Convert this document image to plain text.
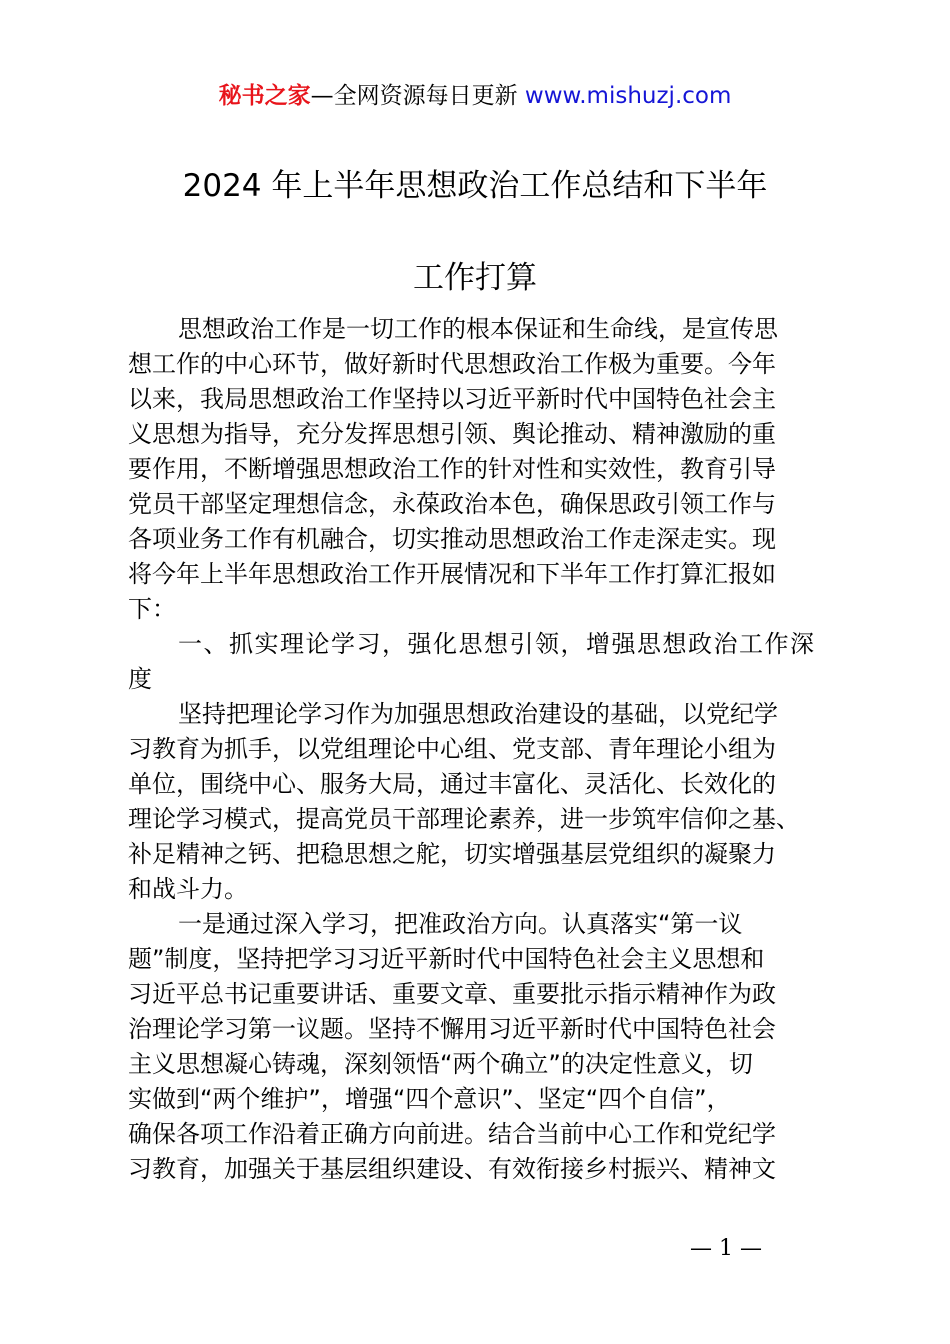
秘书之家—全网资源每日更新 www.mishuzj.com
2024 年上半年思想政治工作总结和下半年
工作打算
思想政治工作是一切工作的根本保证和生命线，是宣传思
想工作的中心环节，做好新时代思想政治工作极为重要。今年
以来，我局思想政治工作坚持以习近平新时代中国特色社会主
义思想为指导，充分发挥思想引领、舆论推动、精神激励的重
要作用，不断增强思想政治工作的针对性和实效性，教育引导
党员干部坚定理想信念，永葆政治本色，确保思政引领工作与
各项业务工作有机融合，切实推动思想政治工作走深走实。现
将今年上半年思想政治工作开展情况和下半年工作打算汇报如
下：
一、抓实理论学习，强化思想引领，增强思想政治工作深
度
坚持把理论学习作为加强思想政治建设的基础，以党纪学
习教育为抓手，以党组理论中心组、党支部、青年理论小组为
单位，围绕中心、服务大局，通过丰富化、灵活化、长效化的
理论学习模式，提高党员干部理论素养，进一步筑牢信仰之基、
补足精神之钙、把稳思想之舵，切实增强基层党组织的凝聚力
和战斗力。
一是通过深入学习，把准政治方向。认真落实“第一议
题”制度，坚持把学习习近平新时代中国特色社会主义思想和
习近平总书记重要讲话、重要文章、重要批示指示精神作为政
治理论学习第一议题。坚持不懈用习近平新时代中国特色社会
主义思想凝心铸魂，深刻领悟“两个确立”的决定性意义，切
实做到“两个维护”，增强“四个意识”、坚定“四个自信”，
确保各项工作沿着正确方向前进。结合当前中心工作和党纪学
习教育，加强关于基层组织建设、有效衔接乡村振兴、精神文
— 1 —
